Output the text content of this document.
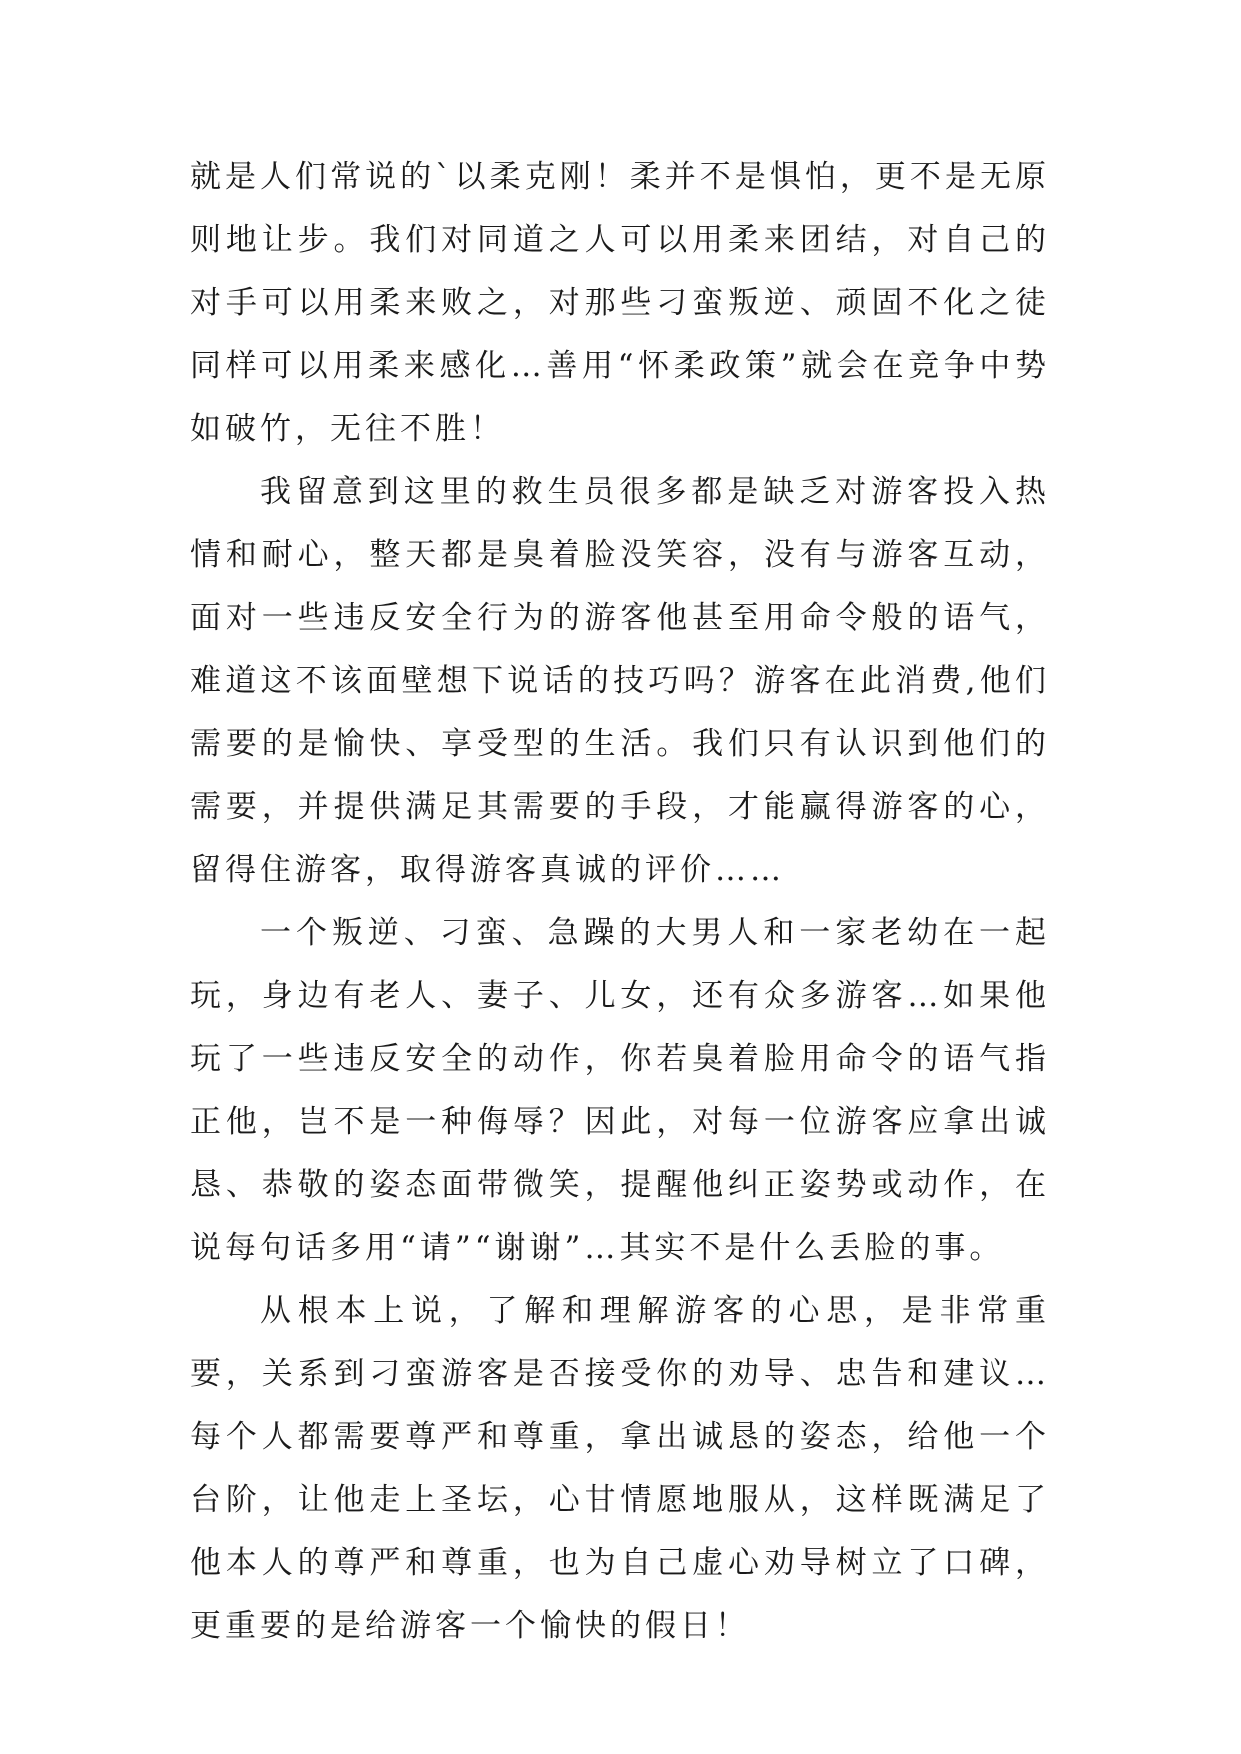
就是人们常说的`以柔克刚！柔并不是惧怕，更不是无原则地让步。我们对同道之人可以用柔来团结，对自己的对手可以用柔来败之，对那些刁蛮叛逆、顽固不化之徒同样可以用柔来感化…善用“怀柔政策”就会在竞争中势如破竹，无往不胜！

我留意到这里的救生员很多都是缺乏对游客投入热情和耐心，整天都是臭着脸没笑容，没有与游客互动，面对一些违反安全行为的游客他甚至用命令般的语气，难道这不该面壁想下说话的技巧吗？游客在此消费,他们需要的是愉快、享受型的生活。我们只有认识到他们的需要，并提供满足其需要的手段，才能赢得游客的心，留得住游客，取得游客真诚的评价……

一个叛逆、刁蛮、急躁的大男人和一家老幼在一起玩，身边有老人、妻子、儿女，还有众多游客…如果他玩了一些违反安全的动作，你若臭着脸用命令的语气指正他，岂不是一种侮辱？因此，对每一位游客应拿出诚恳、恭敬的姿态面带微笑，提醒他纠正姿势或动作，在说每句话多用“请”“谢谢”…其实不是什么丢脸的事。

从根本上说，了解和理解游客的心思，是非常重要，关系到刁蛮游客是否接受你的劝导、忠告和建议…每个人都需要尊严和尊重，拿出诚恳的姿态，给他一个台阶，让他走上圣坛，心甘情愿地服从，这样既满足了他本人的尊严和尊重，也为自己虚心劝导树立了口碑，更重要的是给游客一个愉快的假日！
